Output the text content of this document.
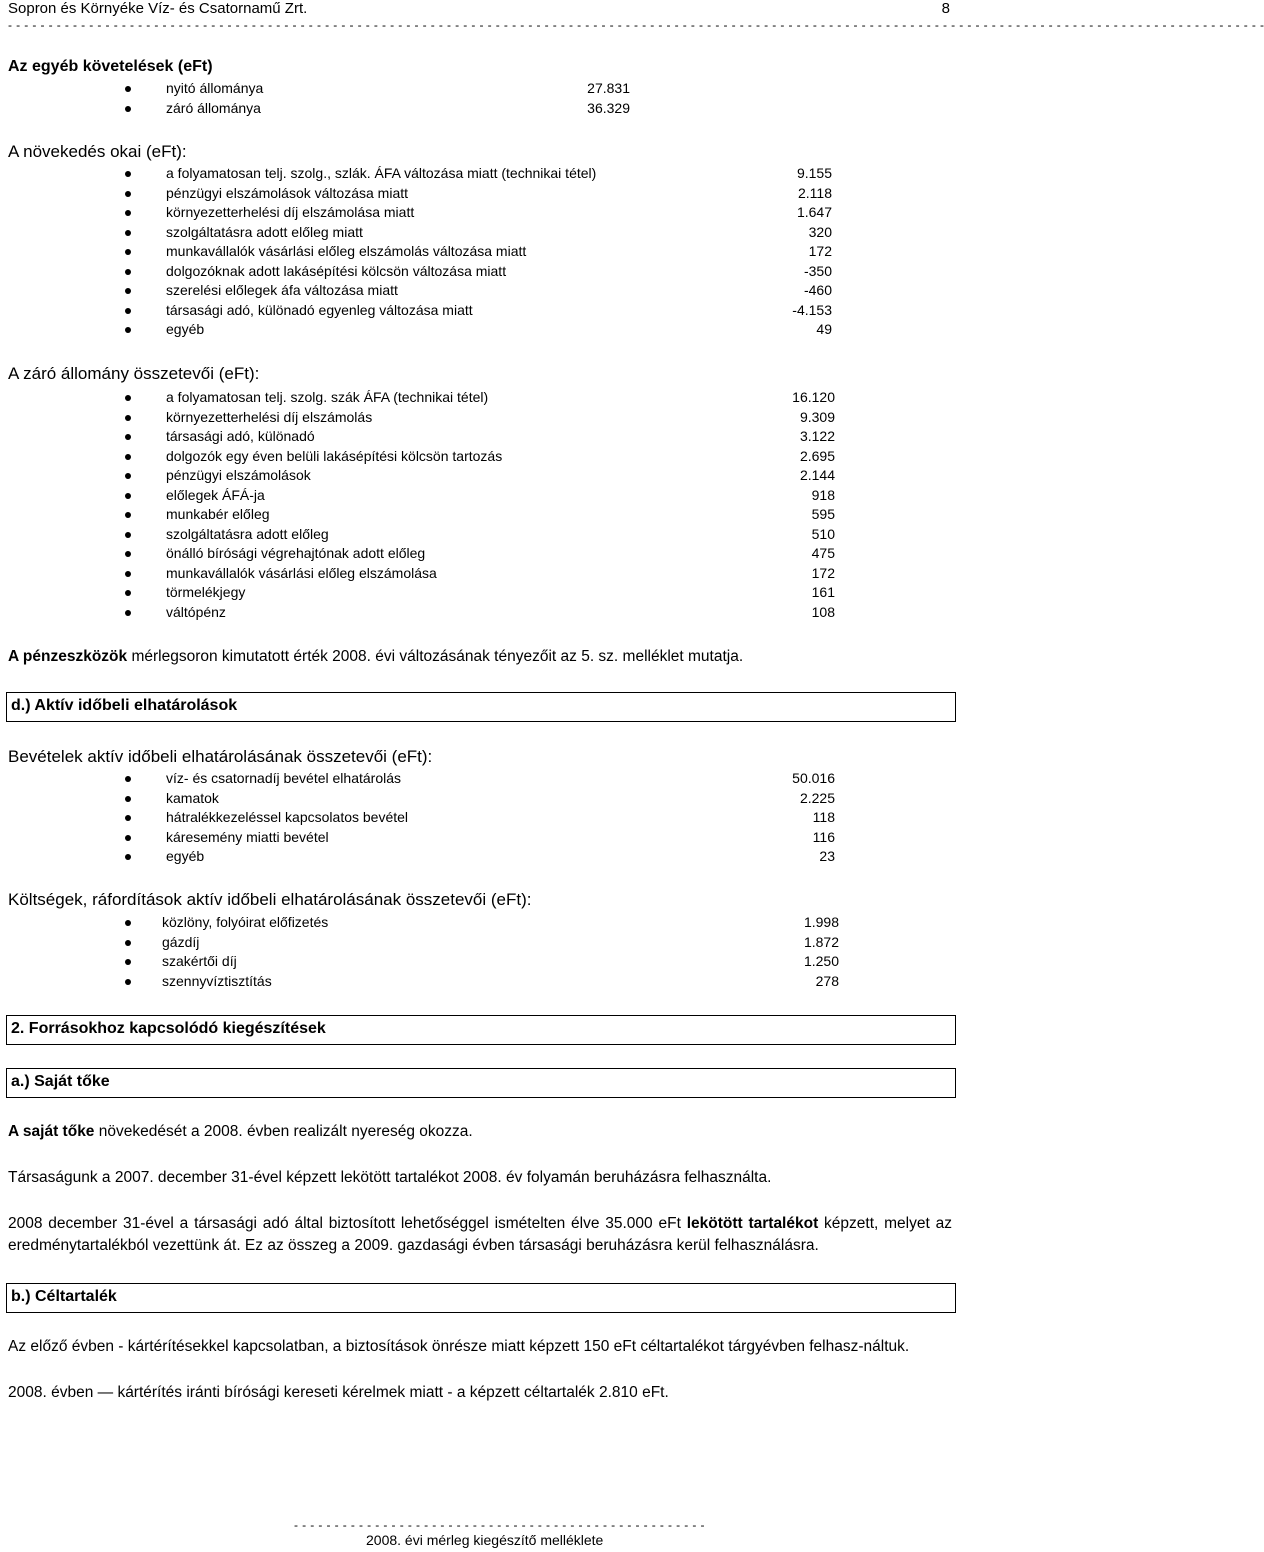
Sopron és Környéke Víz- és Csatornamű Zrt.	8
- - - - - - - - - - - - - - - - - - - - - - - - - - - - - - - - - - - - - - - - - - - - - - - - - - - - - - - - - - - - - - - - - - - - - - - - - - - - - - - - - - - - - - - - - - - - - - - - - - - - - - - - - - - - - - - - - - - - - - - - - - - - - - - - - - - - - - - - - - - - - - - - - - - - - - - - - - -
Az egyéb követelések (eFt)
nyitó állománya	27.831
záró állománya	36.329
A növekedés okai (eFt):
a folyamatosan telj. szolg., szlák. ÁFA változása miatt (technikai tétel)	9.155
pénzügyi elszámolások változása miatt	2.118
környezetterhelési díj elszámolása miatt	1.647
szolgáltatásra adott előleg miatt	320
munkavállalók vásárlási előleg elszámolás változása miatt	172
dolgozóknak adott lakásépítési kölcsön változása miatt	-350
szerelési előlegek áfa változása miatt	-460
társasági adó, különadó egyenleg változása miatt	-4.153
egyéb	49
A záró állomány összetevői (eFt):
a folyamatosan telj. szolg. szák ÁFA (technikai tétel)	16.120
környezetterhelési díj elszámolás	9.309
társasági adó, különadó	3.122
dolgozók egy éven belüli lakásépítési kölcsön tartozás	2.695
pénzügyi elszámolások	2.144
előlegek ÁFÁ-ja	918
munkabér előleg	595
szolgáltatásra adott előleg	510
önálló bírósági végrehajtónak adott előleg	475
munkavállalók vásárlási előleg elszámolása	172
törmelékjegy	161
váltópénz	108
A pénzeszközök mérlegsoron kimutatott érték 2008. évi változásának tényezőit az 5. sz. melléklet mutatja.
d.) Aktív időbeli elhatárolások
Bevételek aktív időbeli elhatárolásának összetevői (eFt):
víz- és csatornadíj bevétel elhatárolás	50.016
kamatok	2.225
hátralékkezeléssel kapcsolatos bevétel	118
káresemény miatti bevétel	116
egyéb	23
Költségek, ráfordítások aktív időbeli elhatárolásának összetevői (eFt):
közlöny, folyóirat előfizetés	1.998
gázdíj	1.872
szakértői díj	1.250
szennyvíztisztítás	278
2. Forrásokhoz kapcsolódó kiegészítések
a.) Saját tőke
A saját tőke növekedését a 2008. évben realizált nyereség okozza.
Társaságunk a 2007. december 31-ével képzett lekötött tartalékot 2008. év folyamán beruházásra felhasználta.
2008 december 31-ével a társasági adó által biztosított lehetőséggel ismételten élve 35.000 eFt lekötött tartalékot képzett, melyet az eredménytartalékból vezettünk át. Ez az összeg a 2009. gazdasági évben társasági beruházásra kerül felhasználásra.
b.) Céltartalék
Az előző évben - kártérítésekkel kapcsolatban, a biztosítások önrésze miatt képzett 150 eFt céltartalékot tárgyévben felhasz-náltuk.
2008. évben — kártérítés iránti bírósági kereseti kérelmek miatt - a képzett céltartalék 2.810 eFt.
- - - - - - - - - - - - - - - - - - - - - - - - - - - - - - - - - - - - - - - - - - - - - - - - - - -
2008. évi mérleg kiegészítő melléklete
